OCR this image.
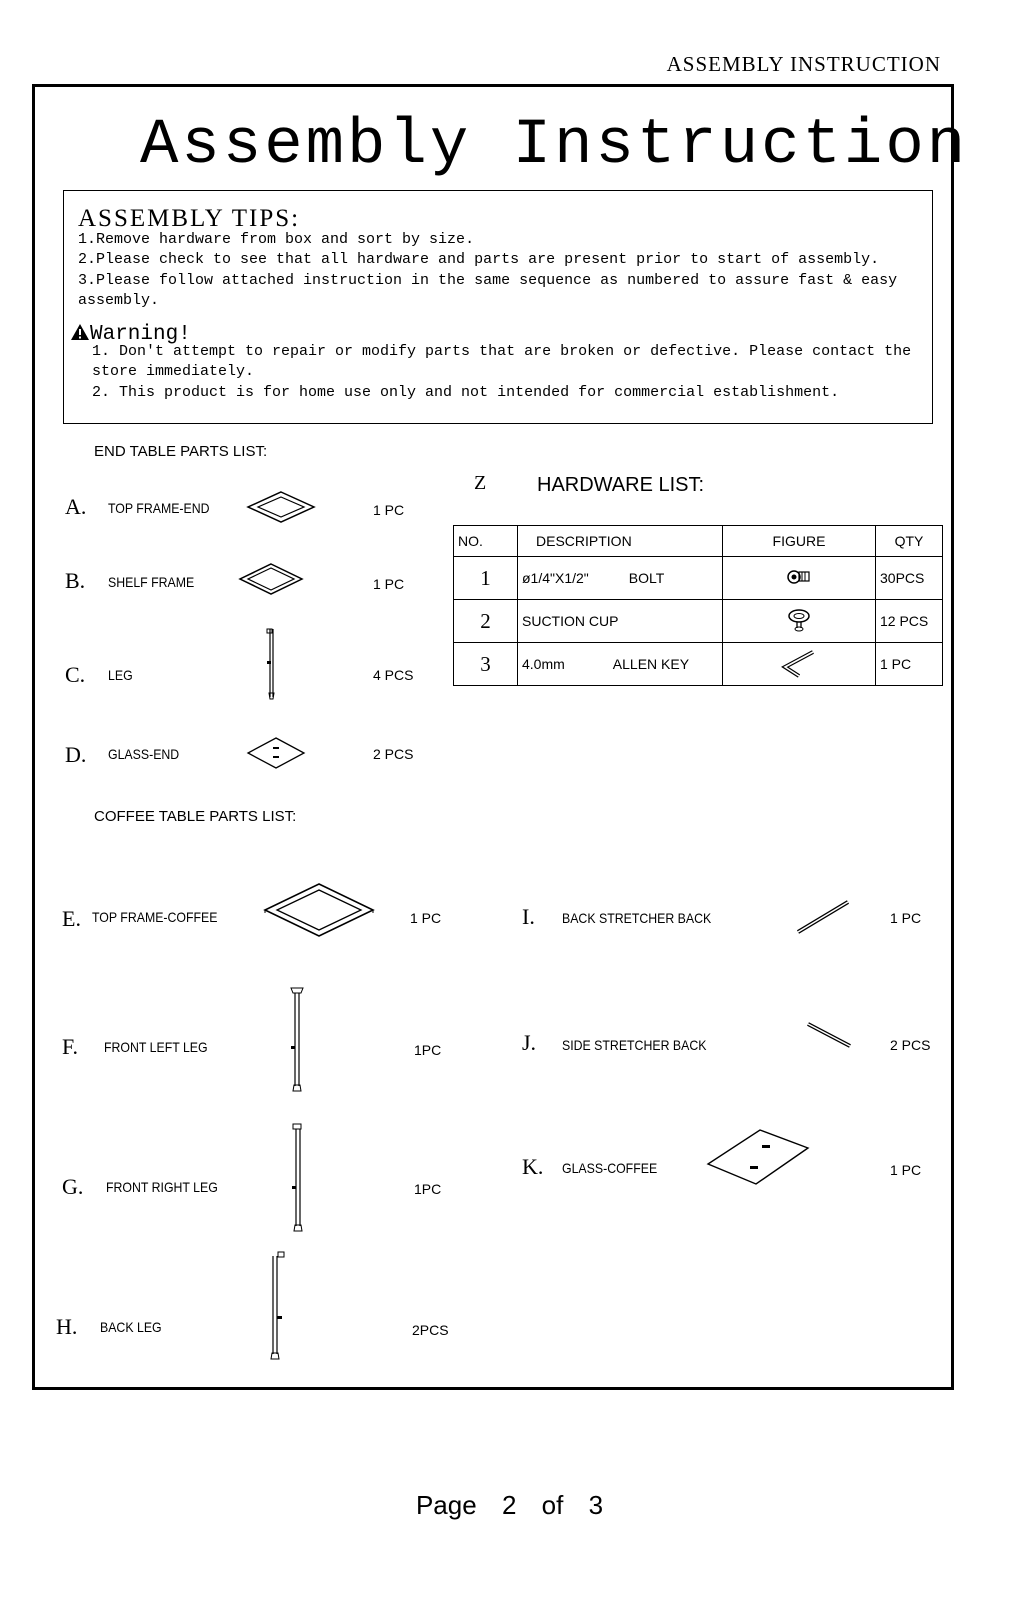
ASSEMBLY INSTRUCTION
Assembly Instruction
ASSEMBLY TIPS:
1.Remove hardware from box and sort by size.
2.Please check to see that all hardware and parts are present prior to start of assembly.
3.Please follow attached instruction in the same sequence as numbered to assure fast & easy
assembly.
Warning!
1. Don't attempt to repair or modify parts that are broken or defective. Please contact the
store immediately.
2. This product is for home use only and not intended for commercial establishment.
END TABLE PARTS LIST:
A. TOP FRAME-END	1 PC
B. SHELF FRAME	1 PC
C. LEG	4 PCS
D. GLASS-END	2 PCS
Z	HARDWARE LIST:
NO.	DESCRIPTION	FIGURE	QTY
1	ø1/4"X1/2" BOLT		30PCS
2	SUCTION CUP		12 PCS
3	4.0mm ALLEN KEY		1 PC
COFFEE TABLE PARTS LIST:
E. TOP FRAME-COFFEE	1 PC
F. FRONT LEFT LEG	1PC
G. FRONT RIGHT LEG	1PC
H. BACK LEG	2PCS
I. BACK STRETCHER BACK	1 PC
J. SIDE STRETCHER BACK	2 PCS
K. GLASS-COFFEE	1 PC
Page 2 of 3
